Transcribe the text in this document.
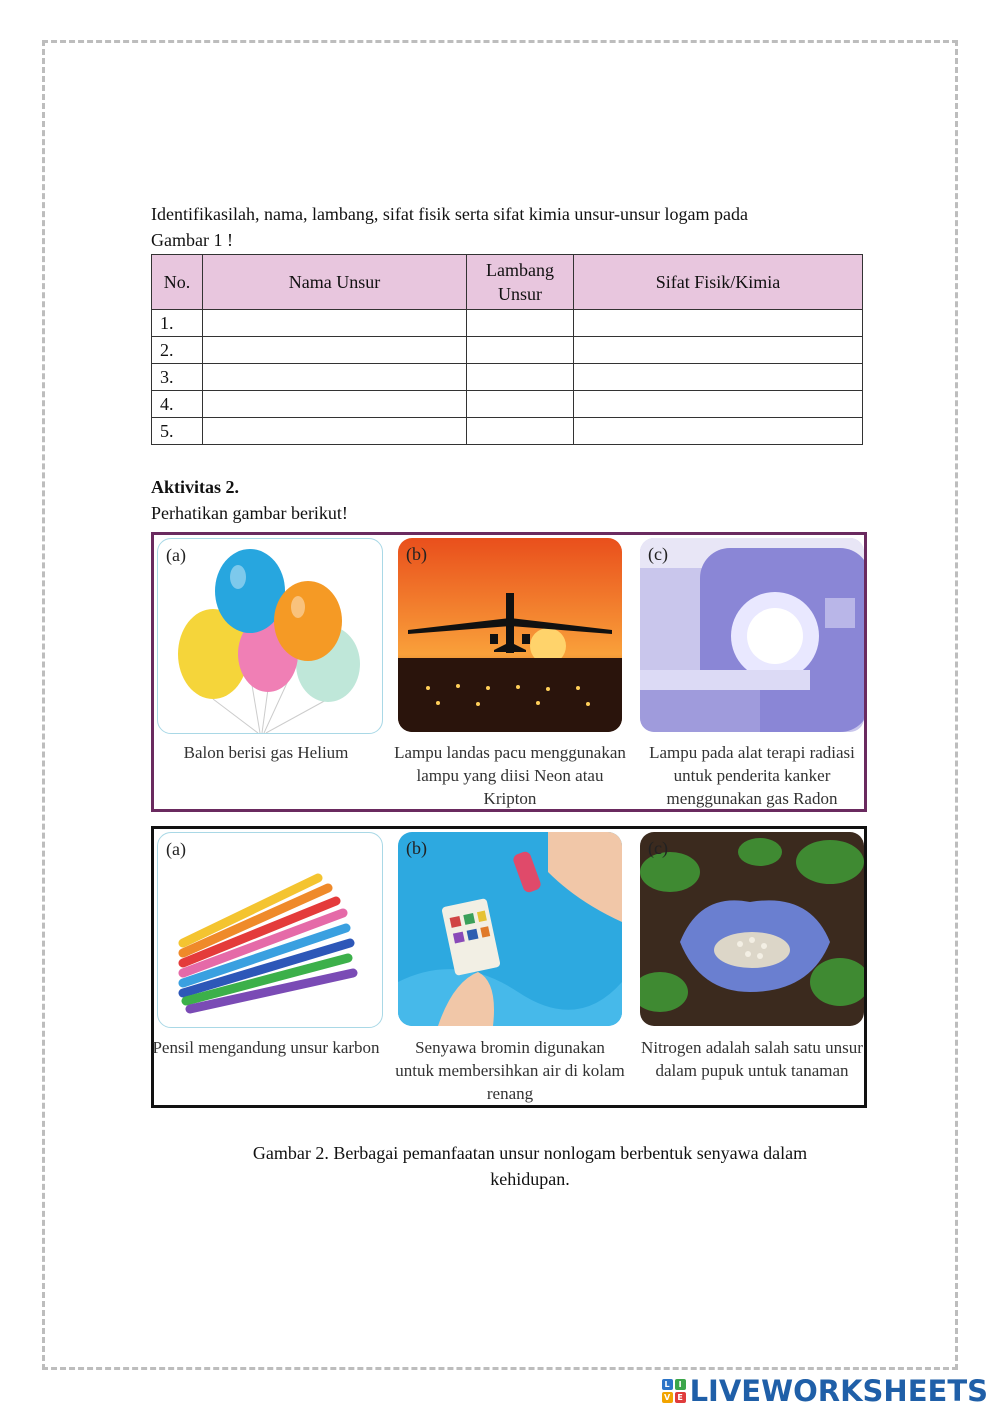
Identifikasilah, nama, lambang, sifat fisik serta sifat kimia unsur-unsur logam pada
Gambar 1 !
No.	Nama Unsur	Lambang Unsur	Sifat Fisik/Kimia
1.			
2.			
3.			
4.			
5.			
Aktivitas 2.
Perhatikan gambar berikut!
(a)	(b)	(c)
Balon berisi gas Helium	Lampu landas pacu menggunakan lampu yang diisi Neon atau Kripton
Lampu pada alat terapi radiasi untuk penderita kanker menggunakan gas Radon
(a)	(b)	(c)
Pensil mengandung unsur karbon	Senyawa bromin digunakan untuk membersihkan air di kolam renang
Nitrogen adalah salah satu unsur dalam pupuk untuk tanaman
Gambar 2. Berbagai pemanfaatan unsur nonlogam berbentuk senyawa dalam
kehidupan.
L	I
V E LIVEWORKSHEETS
